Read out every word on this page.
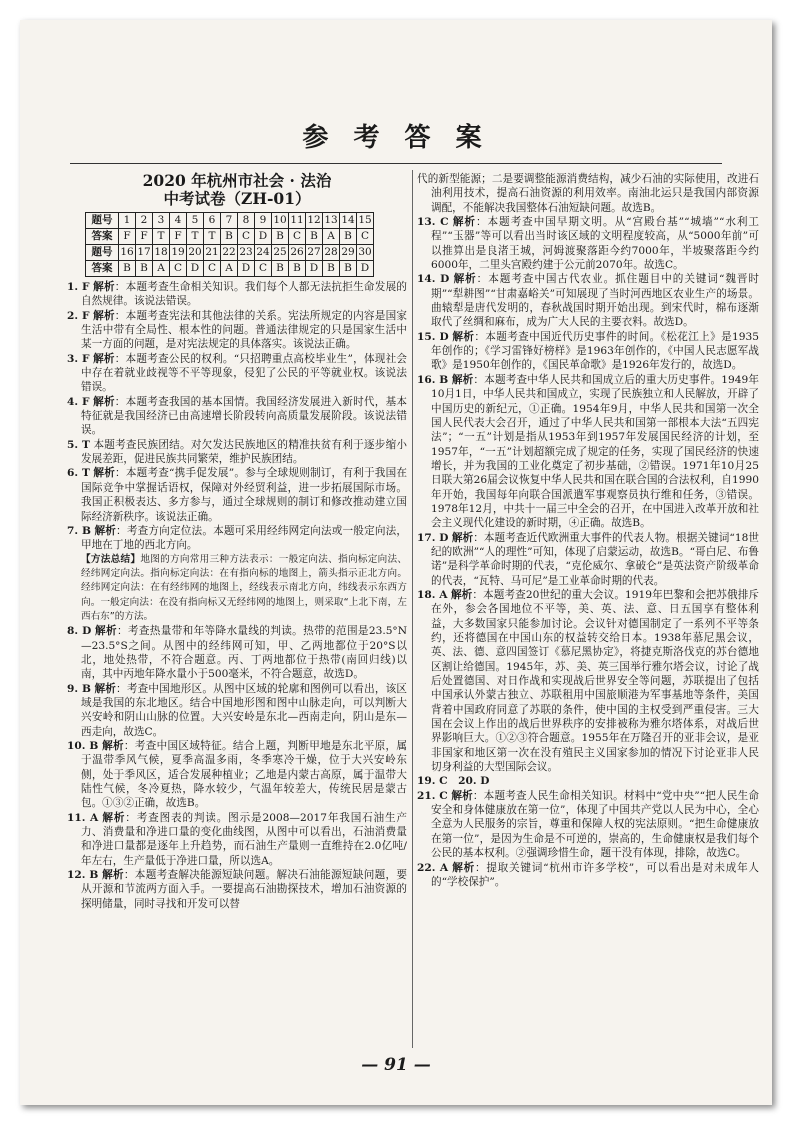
参 考 答 案
2020 年杭州市社会 · 法治
中考试卷（ZH-01）
题号	1	2	3	4	5	6	7	8	9	10	11	12	13	14	15
答案	F	F	T	F	T	T	B	C	D	B	C	B	A	B	C
题号	16	17	18	19	20	21	22	23	24	25	26	27	28	29	30
答案	B	B	A	C	D	C	A	D	C	B	B	D	B	B	D

1. F 解析：本题考查生命相关知识。我们每个人都无法抗拒生命发展的自然规律。该说法错误。

2. F 解析：本题考查宪法和其他法律的关系。宪法所规定的内容是国家生活中带有全局性、根本性的问题。普通法律规定的只是国家生活中某一方面的问题，是对宪法规定的具体落实。该说法正确。

3. F 解析：本题考查公民的权利。“只招聘重点高校毕业生”，体现社会中存在着就业歧视等不平等现象，侵犯了公民的平等就业权。该说法错误。

4. F 解析：本题考查我国的基本国情。我国经济发展进入新时代，基本特征就是我国经济已由高速增长阶段转向高质量发展阶段。该说法错误。

5. T 本题考查民族团结。对欠发达民族地区的精准扶贫有利于逐步缩小发展差距，促进民族共同繁荣，维护民族团结。

6. T 解析：本题考查“携手促发展”。参与全球规则制订，有利于我国在国际竞争中掌握话语权，保障对外经贸利益，进一步拓展国际市场。我国正积极表达、多方参与，通过全球规则的制订和修改推动建立国际经济新秩序。该说法正确。

7. B 解析：考查方向定位法。本题可采用经纬网定向法或一般定向法，甲地在丁地的西北方向。

【方法总结】地图的方向常用三种方法表示：一般定向法、指向标定向法、经纬网定向法。指向标定向法：在有指向标的地图上，箭头指示正北方向。经纬网定向法：在有经纬网的地图上，经线表示南北方向，纬线表示东西方向。一般定向法：在没有指向标又无经纬网的地图上，则采取“上北下南，左西右东”的方法。

8. D 解析：考查热量带和年等降水量线的判读。热带的范围是23.5°N—23.5°S之间。从图中的经纬网可知，甲、乙两地都位于20°S以北，地处热带，不符合题意。丙、丁两地都位于热带(南回归线)以南，其中丙地年降水量小于500毫米，不符合题意，故选D。

9. B 解析：考查中国地形区。从图中区域的轮廓和图例可以看出，该区域是我国的东北地区。结合中国地形图和图中山脉走向，可以判断大兴安岭和阴山山脉的位置。大兴安岭是东北—西南走向，阴山是东—西走向，故选C。

10. B 解析：考查中国区域特征。结合上题，判断甲地是东北平原，属于温带季风气候，夏季高温多雨，冬季寒冷干燥，位于大兴安岭东侧，处于季风区，适合发展种植业；乙地是内蒙古高原，属于温带大陆性气候，冬冷夏热，降水较少，气温年较差大，传统民居是蒙古包。①③②正确，故选B。

11. A 解析：考查图表的判读。图示是2008—2017年我国石油生产力、消费量和净进口量的变化曲线图，从图中可以看出，石油消费量和净进口量都是逐年上升趋势，而石油生产量则一直维持在2.0亿吨/年左右，生产量低于净进口量，所以选A。

12. B 解析：本题考查解决能源短缺问题。解决石油能源短缺问题，要从开源和节流两方面入手。一要提高石油勘探技术，增加石油资源的探明储量，同时寻找和开发可以替

代的新型能源；二是要调整能源消费结构，减少石油的实际使用，改进石油利用技术，提高石油资源的利用效率。南油北运只是我国内部资源调配，不能解决我国整体石油短缺问题。故选B。

13. C 解析：本题考查中国早期文明。从“宫殿台基”“城墙”“水利工程”“玉器”等可以看出当时该区域的文明程度较高，从“5000年前”可以推算出是良渚王城，河姆渡聚落距今约7000年，半坡聚落距今约6000年，二里头宫殿约建于公元前2070年。故选C。

14. D 解析：本题考查中国古代农业。抓住题目中的关键词“魏晋时期”“犁耕图”“甘肃嘉峪关”可知展现了当时河西地区农业生产的场景。曲辕犁是唐代发明的，春秋战国时期开始出现。到宋代时，棉布逐渐取代了丝绸和麻布，成为广大人民的主要衣料。故选D。

15. D 解析：本题考查中国近代历史事件的时间。《松花江上》是1935年创作的；《学习雷锋好榜样》是1963年创作的，《中国人民志愿军战歌》是1950年创作的，《国民革命歌》是1926年发行的，故选D。

16. B 解析：本题考查中华人民共和国成立后的重大历史事件。1949年10月1日，中华人民共和国成立，实现了民族独立和人民解放，开辟了中国历史的新纪元，①正确。1954年9月，中华人民共和国第一次全国人民代表大会召开，通过了中华人民共和国第一部根本大法“五四宪法”；“一五”计划是指从1953年到1957年发展国民经济的计划，至1957年，“一五”计划超额完成了规定的任务，实现了国民经济的快速增长，并为我国的工业化奠定了初步基础，②错误。1971年10月25日联大第26届会议恢复中华人民共和国在联合国的合法权利，自1990年开始，我国每年向联合国派遣军事观察员执行维和任务，③错误。1978年12月，中共十一届三中全会的召开，在中国进入改革开放和社会主义现代化建设的新时期，④正确。故选B。

17. D 解析：本题考查近代欧洲重大事件的代表人物。根据关键词“18世纪的欧洲”“人的理性”可知，体现了启蒙运动，故选B。“哥白尼、布鲁诺”是科学革命时期的代表，“克伦威尔、拿破仑”是英法资产阶级革命的代表，“瓦特、马可尼”是工业革命时期的代表。

18. A 解析：本题考查20世纪的重大会议。1919年巴黎和会把苏俄排斥在外，参会各国地位不平等，美、英、法、意、日五国享有整体利益，大多数国家只能参加讨论。会议针对德国制定了一系列不平等条约，还将德国在中国山东的权益转交给日本。1938年慕尼黑会议，英、法、德、意四国签订《慕尼黑协定》，将捷克斯洛伐克的苏台德地区割让给德国。1945年，苏、美、英三国举行雅尔塔会议，讨论了战后处置德国、对日作战和实现战后世界安全等问题，苏联提出了包括中国承认外蒙古独立、苏联租用中国旅顺港为军事基地等条件，美国背着中国政府同意了苏联的条件，使中国的主权受到严重侵害。三大国在会议上作出的战后世界秩序的安排被称为雅尔塔体系，对战后世界影响巨大。①②③符合题意。1955年在万隆召开的亚非会议，是亚非国家和地区第一次在没有殖民主义国家参加的情况下讨论亚非人民切身利益的大型国际会议。

19. C　20. D

21. C 解析：本题考查人民生命相关知识。材料中“党中央”“把人民生命安全和身体健康放在第一位”，体现了中国共产党以人民为中心，全心全意为人民服务的宗旨，尊重和保障人权的宪法原则。“把生命健康放在第一位”，是因为生命是不可逆的，崇高的，生命健康权是我们每个公民的基本权利。②强调珍惜生命，题干没有体现，排除，故选C。

22. A 解析：提取关键词“杭州市许多学校”，可以看出是对未成年人的“学校保护”。

— 91 —
